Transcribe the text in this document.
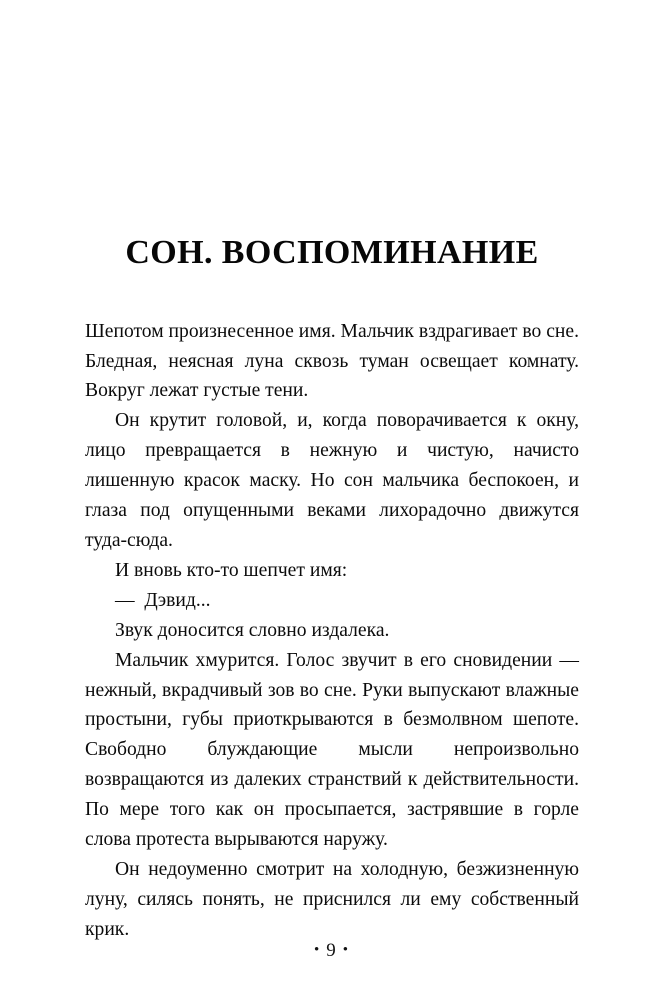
СОН. ВОСПОМИНАНИЕ

Шепотом произнесенное имя. Мальчик вздрагивает во сне. Бледная, неясная луна сквозь туман освещает комнату. Вокруг лежат густые тени.

Он крутит головой, и, когда поворачивается к окну, лицо превращается в нежную и чистую, начисто лишенную красок маску. Но сон мальчика беспокоен, и глаза под опущенными веками лихорадочно движутся туда-сюда.

И вновь кто-то шепчет имя:

— Дэвид...

Звук доносится словно издалека.

Мальчик хмурится. Голос звучит в его сновидении — нежный, вкрадчивый зов во сне. Руки выпускают влажные простыни, губы приоткрываются в безмолвном шепоте. Свободно блуждающие мысли непроизвольно возвращаются из далеких странствий к действительности. По мере того как он просыпается, застрявшие в горле слова протеста вырываются наружу.

Он недоуменно смотрит на холодную, безжизненную луну, силясь понять, не приснился ли ему собственный крик.

• 9 •
